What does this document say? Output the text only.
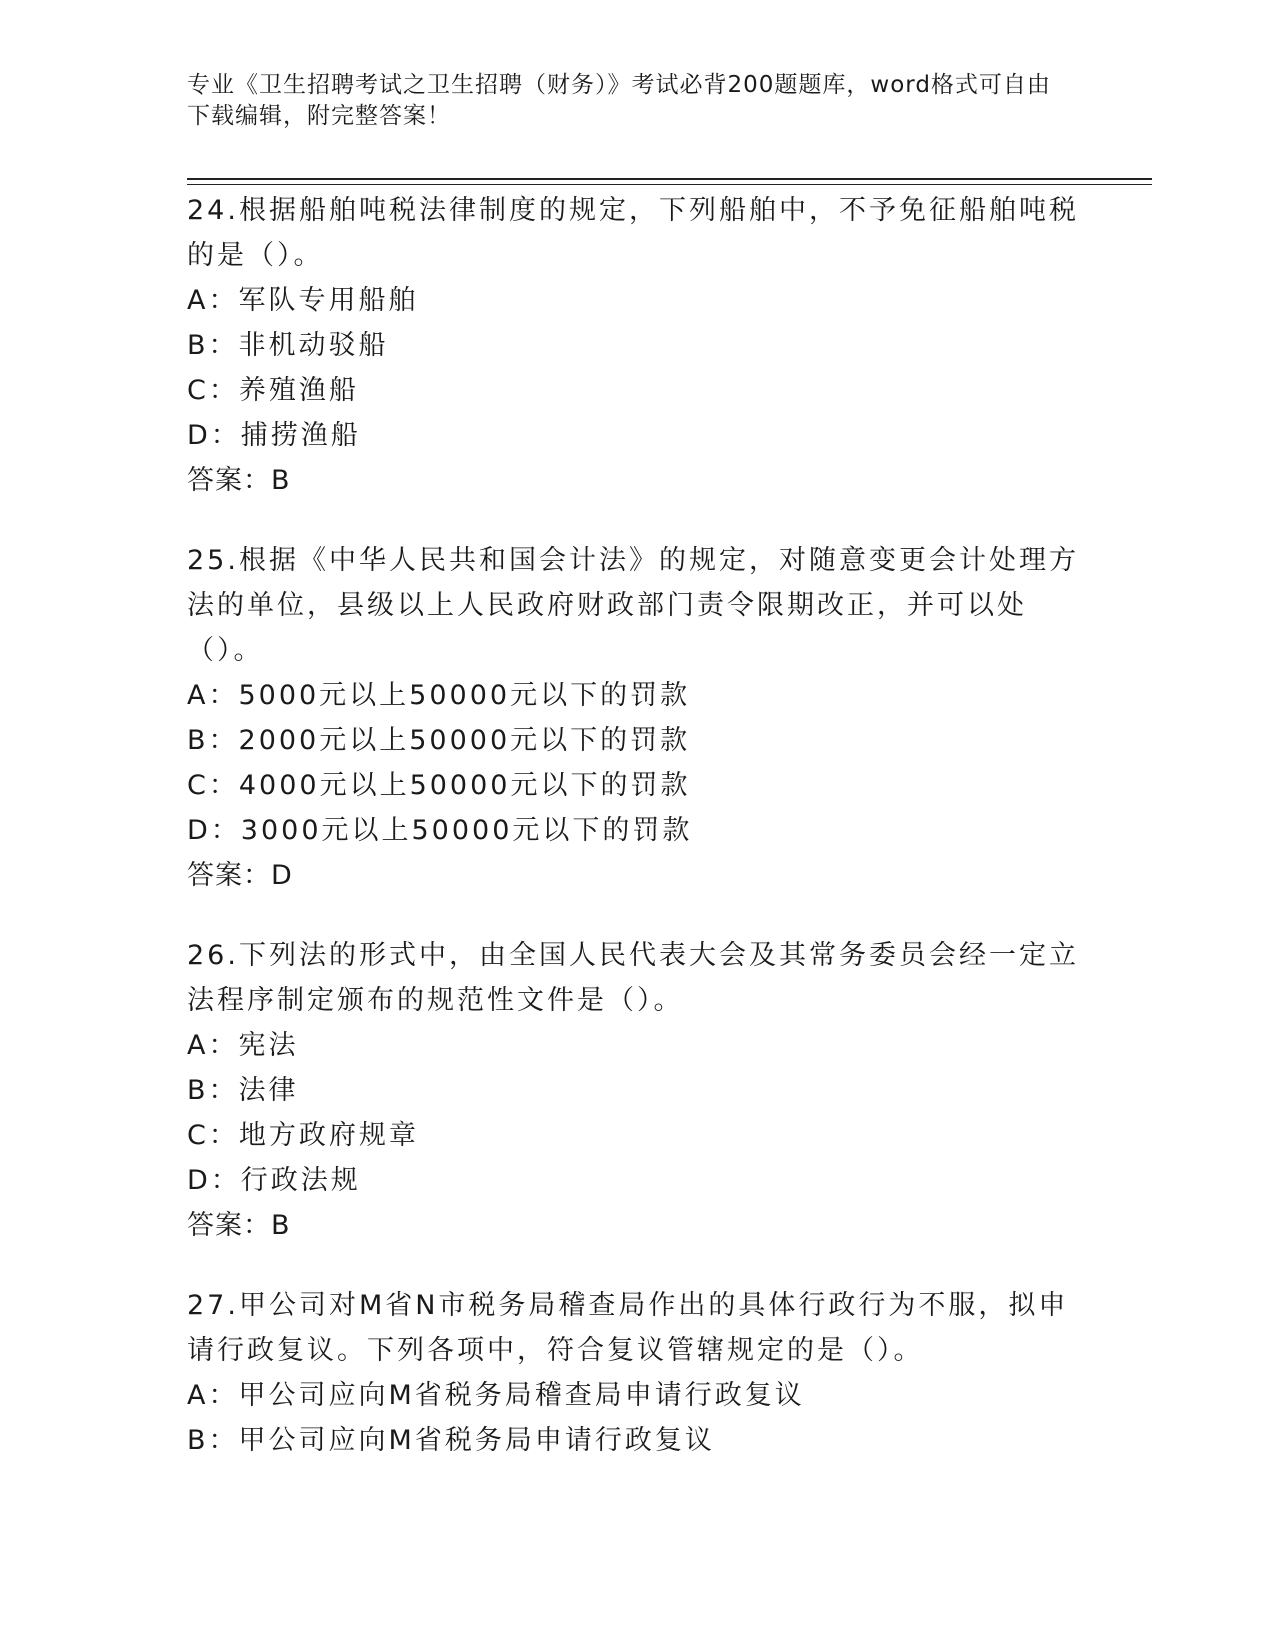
专业《卫生招聘考试之卫生招聘（财务）》考试必背200题题库，word格式可自由下载编辑，附完整答案！
24.根据船舶吨税法律制度的规定，下列船舶中，不予免征船舶吨税的是（）。
A：军队专用船舶
B：非机动驳船
C：养殖渔船
D：捕捞渔船
答案：B
25.根据《中华人民共和国会计法》的规定，对随意变更会计处理方法的单位，县级以上人民政府财政部门责令限期改正，并可以处（）。
A：5000元以上50000元以下的罚款
B：2000元以上50000元以下的罚款
C：4000元以上50000元以下的罚款
D：3000元以上50000元以下的罚款
答案：D
26.下列法的形式中，由全国人民代表大会及其常务委员会经一定立法程序制定颁布的规范性文件是（）。
A：宪法
B：法律
C：地方政府规章
D：行政法规
答案：B
27.甲公司对M省N市税务局稽查局作出的具体行政行为不服，拟申请行政复议。下列各项中，符合复议管辖规定的是（）。
A：甲公司应向M省税务局稽查局申请行政复议
B：甲公司应向M省税务局申请行政复议
